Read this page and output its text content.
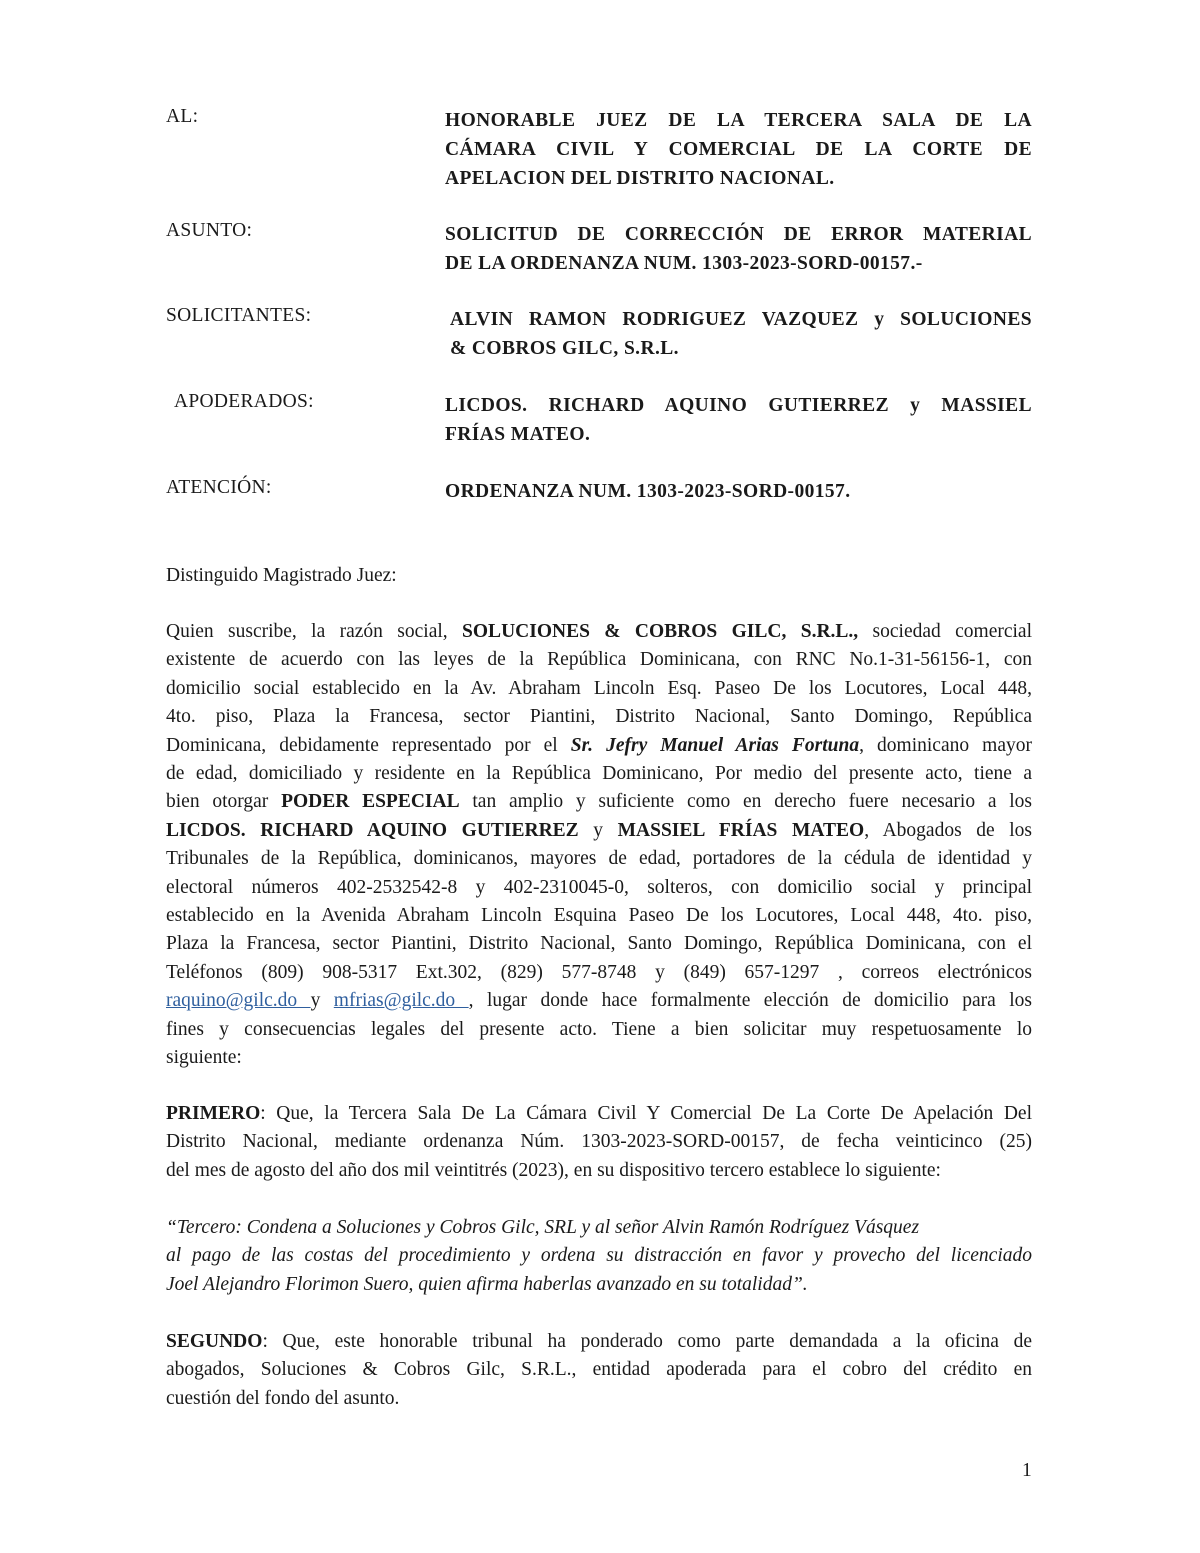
AL:	HONORABLE JUEZ DE LA TERCERA SALA DE LA
CÁMARA CIVIL Y COMERCIAL DE LA CORTE DE
APELACION DEL DISTRITO NACIONAL.
ASUNTO:	SOLICITUD DE CORRECCIÓN DE ERROR MATERIAL
DE LA ORDENANZA NUM. 1303-2023-SORD-00157.-
SOLICITANTES:	ALVIN RAMON RODRIGUEZ VAZQUEZ y SOLUCIONES
& COBROS GILC, S.R.L.
APODERADOS:	LICDOS. RICHARD AQUINO GUTIERREZ y MASSIEL
FRÍAS MATEO.
ATENCIÓN:	ORDENANZA NUM. 1303-2023-SORD-00157.
Distinguido Magistrado Juez:
Quien suscribe, la razón social, SOLUCIONES & COBROS GILC, S.R.L., sociedad comercial
existente de acuerdo con las leyes de la República Dominicana, con RNC No.1-31-56156-1, con
domicilio social establecido en la Av. Abraham Lincoln Esq. Paseo De los Locutores, Local 448,
4to. piso, Plaza la Francesa, sector Piantini, Distrito Nacional, Santo Domingo, República
Dominicana, debidamente representado por el Sr. Jefry Manuel Arias Fortuna, dominicano mayor
de edad, domiciliado y residente en la República Dominicano, Por medio del presente acto, tiene a
bien otorgar PODER ESPECIAL tan amplio y suficiente como en derecho fuere necesario a los
LICDOS. RICHARD AQUINO GUTIERREZ y MASSIEL FRÍAS MATEO, Abogados de los
Tribunales de la República, dominicanos, mayores de edad, portadores de la cédula de identidad y
electoral números 402-2532542-8 y 402-2310045-0, solteros, con domicilio social y principal
establecido en la Avenida Abraham Lincoln Esquina Paseo De los Locutores, Local 448, 4to. piso,
Plaza la Francesa, sector Piantini, Distrito Nacional, Santo Domingo, República Dominicana, con el
Teléfonos (809) 908-5317 Ext.302, (829) 577-8748 y (849) 657-1297 , correos electrónicos
raquino@gilc.do y mfrias@gilc.do , lugar donde hace formalmente elección de domicilio para los
fines y consecuencias legales del presente acto. Tiene a bien solicitar muy respetuosamente lo
siguiente:
PRIMERO: Que, la Tercera Sala De La Cámara Civil Y Comercial De La Corte De Apelación Del
Distrito Nacional, mediante ordenanza Núm. 1303-2023-SORD-00157, de fecha veinticinco (25)
del mes de agosto del año dos mil veintitrés (2023), en su dispositivo tercero establece lo siguiente:
“Tercero: Condena a Soluciones y Cobros Gilc, SRL y al señor Alvin Ramón Rodríguez Vásquez
al pago de las costas del procedimiento y ordena su distracción en favor y provecho del licenciado
Joel Alejandro Florimon Suero, quien afirma haberlas avanzado en su totalidad”.
SEGUNDO: Que, este honorable tribunal ha ponderado como parte demandada a la oficina de
abogados, Soluciones & Cobros Gilc, S.R.L., entidad apoderada para el cobro del crédito en
cuestión del fondo del asunto.
1
